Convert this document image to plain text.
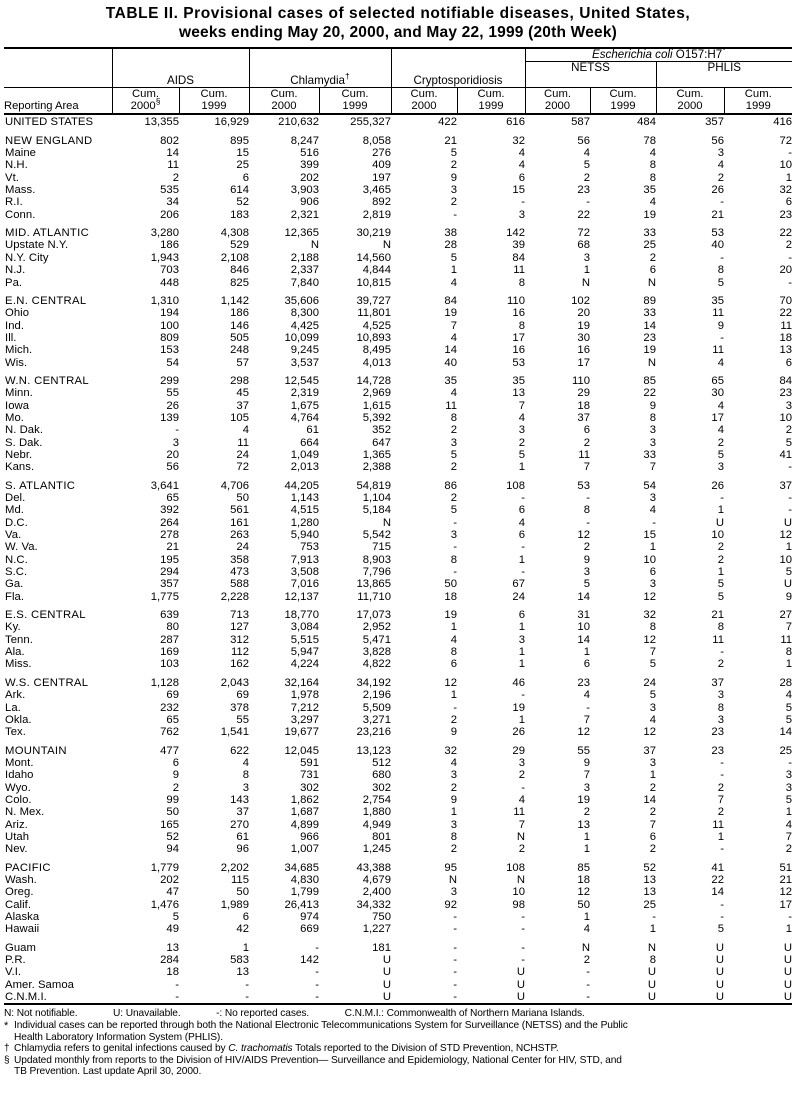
TABLE II. Provisional cases of selected notifiable diseases, United States,
weeks ending May 20, 2000, and May 22, 1999 (20th Week)
							Escherichia coli O157:H7*
							NETSS		PHLIS	
	AIDS		Chlamydia†		Cryptosporidiosis					
Reporting Area	Cum.	Cum.	Cum.	Cum.	Cum.	Cum.	Cum.	Cum.	Cum.	Cum.
	2000§	1999	2000	1999	2000	1999	2000	1999	2000	1999
UNITED STATES	13,355	16,929	210,632	255,327	422	616	587	484	357	416

NEW ENGLAND	802	895	8,247	8,058	21	32	56	78	56	72
Maine	14	15	516	276	5	4	4	4	3	-
N.H.	11	25	399	409	2	4	5	8	4	10
Vt.	2	6	202	197	9	6	2	8	2	1
Mass.	535	614	3,903	3,465	3	15	23	35	26	32
R.I.	34	52	906	892	2	-	-	4	-	6
Conn.	206	183	2,321	2,819	-	3	22	19	21	23

MID. ATLANTIC	3,280	4,308	12,365	30,219	38	142	72	33	53	22
Upstate N.Y.	186	529	N	N	28	39	68	25	40	2
N.Y. City	1,943	2,108	2,188	14,560	5	84	3	2	-	-
N.J.	703	846	2,337	4,844	1	11	1	6	8	20
Pa.	448	825	7,840	10,815	4	8	N	N	5	-

E.N. CENTRAL	1,310	1,142	35,606	39,727	84	110	102	89	35	70
Ohio	194	186	8,300	11,801	19	16	20	33	11	22
Ind.	100	146	4,425	4,525	7	8	19	14	9	11
Ill.	809	505	10,099	10,893	4	17	30	23	-	18
Mich.	153	248	9,245	8,495	14	16	16	19	11	13
Wis.	54	57	3,537	4,013	40	53	17	N	4	6

W.N. CENTRAL	299	298	12,545	14,728	35	35	110	85	65	84
Minn.	55	45	2,319	2,969	4	13	29	22	30	23
Iowa	26	37	1,675	1,615	11	7	18	9	4	3
Mo.	139	105	4,764	5,392	8	4	37	8	17	10
N. Dak.	-	4	61	352	2	3	6	3	4	2
S. Dak.	3	11	664	647	3	2	2	3	2	5
Nebr.	20	24	1,049	1,365	5	5	11	33	5	41
Kans.	56	72	2,013	2,388	2	1	7	7	3	-

S. ATLANTIC	3,641	4,706	44,205	54,819	86	108	53	54	26	37
Del.	65	50	1,143	1,104	2	-	-	3	-	-
Md.	392	561	4,515	5,184	5	6	8	4	1	-
D.C.	264	161	1,280	N	-	4	-	-	U	U
Va.	278	263	5,940	5,542	3	6	12	15	10	12
W. Va.	21	24	753	715	-	-	2	1	2	1
N.C.	195	358	7,913	8,903	8	1	9	10	2	10
S.C.	294	473	3,508	7,796	-	-	3	6	1	5
Ga.	357	588	7,016	13,865	50	67	5	3	5	U
Fla.	1,775	2,228	12,137	11,710	18	24	14	12	5	9

E.S. CENTRAL	639	713	18,770	17,073	19	6	31	32	21	27
Ky.	80	127	3,084	2,952	1	1	10	8	8	7
Tenn.	287	312	5,515	5,471	4	3	14	12	11	11
Ala.	169	112	5,947	3,828	8	1	1	7	-	8
Miss.	103	162	4,224	4,822	6	1	6	5	2	1

W.S. CENTRAL	1,128	2,043	32,164	34,192	12	46	23	24	37	28
Ark.	69	69	1,978	2,196	1	-	4	5	3	4
La.	232	378	7,212	5,509	-	19	-	3	8	5
Okla.	65	55	3,297	3,271	2	1	7	4	3	5
Tex.	762	1,541	19,677	23,216	9	26	12	12	23	14

MOUNTAIN	477	622	12,045	13,123	32	29	55	37	23	25
Mont.	6	4	591	512	4	3	9	3	-	-
Idaho	9	8	731	680	3	2	7	1	-	3
Wyo.	2	3	302	302	2	-	3	2	2	3
Colo.	99	143	1,862	2,754	9	4	19	14	7	5
N. Mex.	50	37	1,687	1,880	1	11	2	2	2	1
Ariz.	165	270	4,899	4,949	3	7	13	7	11	4
Utah	52	61	966	801	8	N	1	6	1	7
Nev.	94	96	1,007	1,245	2	2	1	2	-	2

PACIFIC	1,779	2,202	34,685	43,388	95	108	85	52	41	51
Wash.	202	115	4,830	4,679	N	N	18	13	22	21
Oreg.	47	50	1,799	2,400	3	10	12	13	14	12
Calif.	1,476	1,989	26,413	34,332	92	98	50	25	-	17
Alaska	5	6	974	750	-	-	1	-	-	-
Hawaii	49	42	669	1,227	-	-	4	1	5	1

Guam	13	1	-	181	-	-	N	N	U	U
P.R.	284	583	142	U	-	-	2	8	U	U
V.I.	18	13	-	U	-	U	-	U	U	U
Amer. Samoa	-	-	-	U	-	U	-	U	U	U
C.N.M.I.	-	-	-	U	-	U	-	U	U	U
N: Not notifiable.             U: Unavailable.             -: No reported cases.             C.N.M.I.: Commonwealth of Northern Mariana Islands.
* Individual cases can be reported through both the National Electronic Telecommunications System for Surveillance (NETSS) and the Public
Health Laboratory Information System (PHLIS).
† Chlamydia refers to genital infections caused by C. trachomatis Totals reported to the Division of STD Prevention, NCHSTP.
§ Updated monthly from reports to the Division of HIV/AIDS Prevention— Surveillance and Epidemiology, National Center for HIV, STD, and
TB Prevention. Last update April 30, 2000.
